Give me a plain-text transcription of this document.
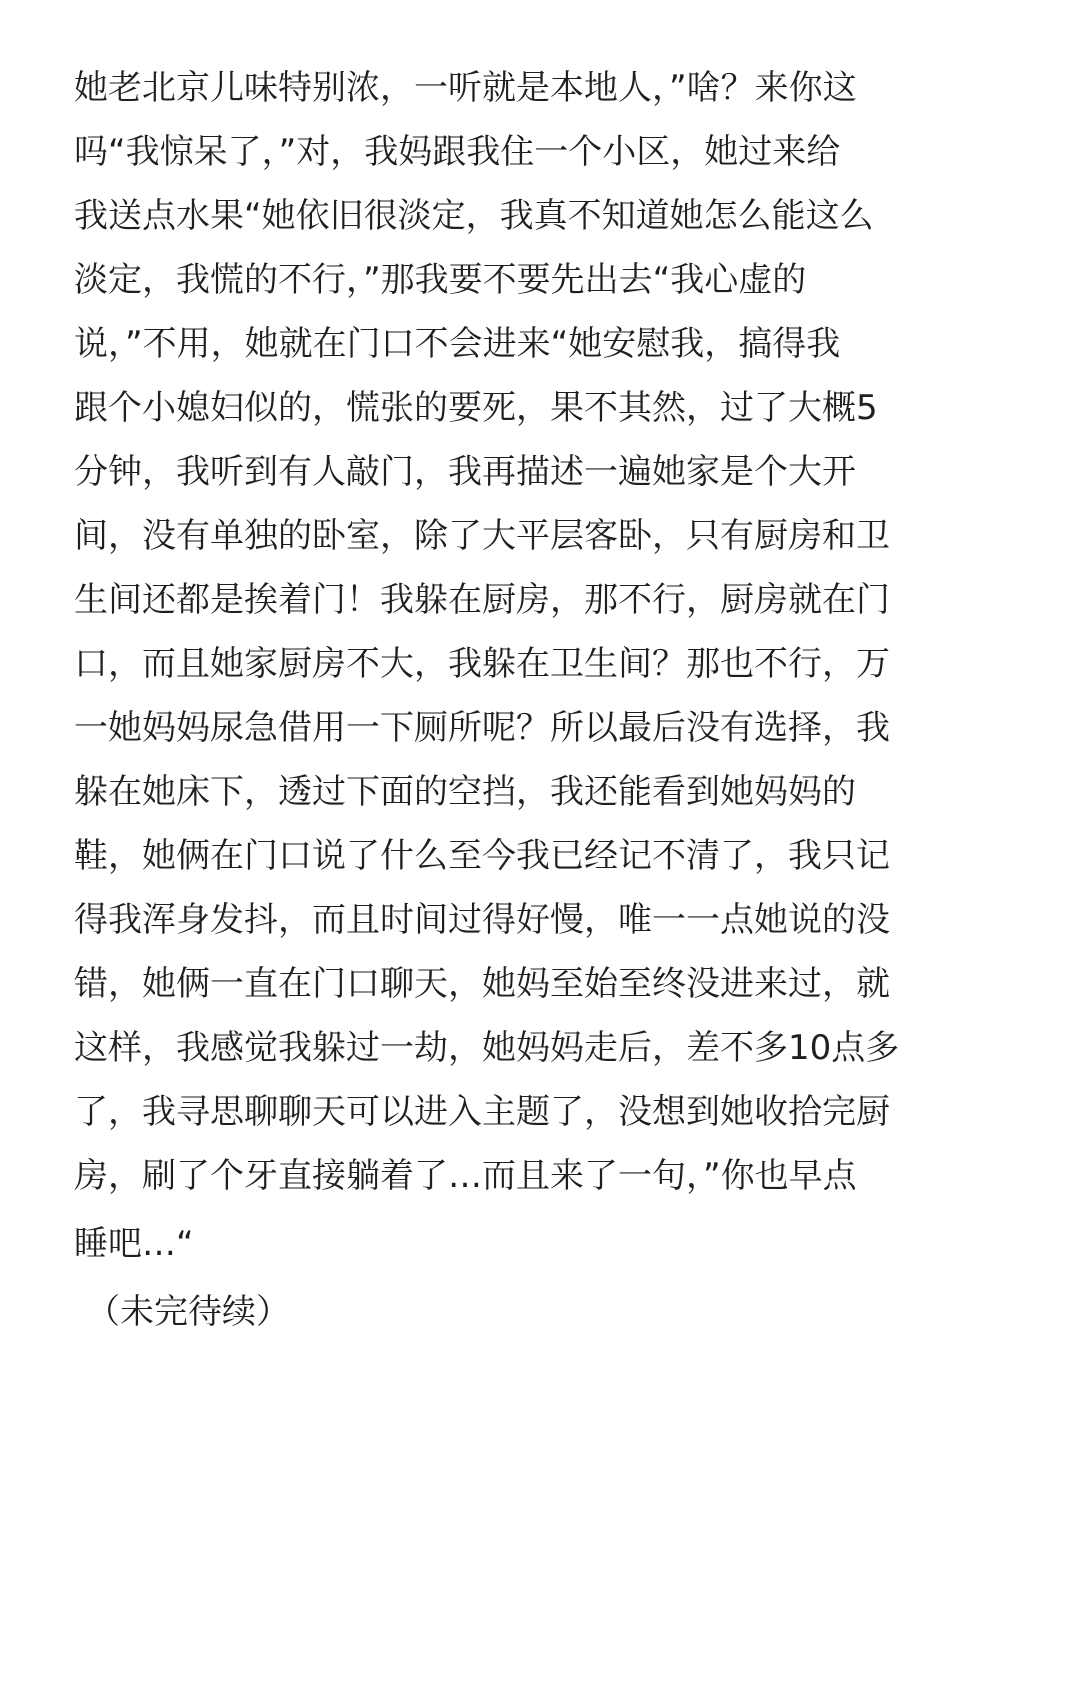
她老北京儿味特别浓，一听就是本地人，”啥？来你这
吗“我惊呆了，”对，我妈跟我住一个小区，她过来给
我送点水果“她依旧很淡定，我真不知道她怎么能这么
淡定，我慌的不行，”那我要不要先出去“我心虚的
说，”不用，她就在门口不会进来“她安慰我，搞得我
跟个小媳妇似的，慌张的要死，果不其然，过了大概5
分钟，我听到有人敲门，我再描述一遍她家是个大开
间，没有单独的卧室，除了大平层客卧，只有厨房和卫
生间还都是挨着门！我躲在厨房，那不行，厨房就在门
口，而且她家厨房不大，我躲在卫生间？那也不行，万
一她妈妈尿急借用一下厕所呢？所以最后没有选择，我
躲在她床下，透过下面的空挡，我还能看到她妈妈的
鞋，她俩在门口说了什么至今我已经记不清了，我只记
得我浑身发抖，而且时间过得好慢，唯一一点她说的没
错，她俩一直在门口聊天，她妈至始至终没进来过，就
这样，我感觉我躲过一劫，她妈妈走后，差不多10点多
了，我寻思聊聊天可以进入主题了，没想到她收拾完厨
房，刷了个牙直接躺着了…而且来了一句，”你也早点
睡吧…“
（未完待续）
